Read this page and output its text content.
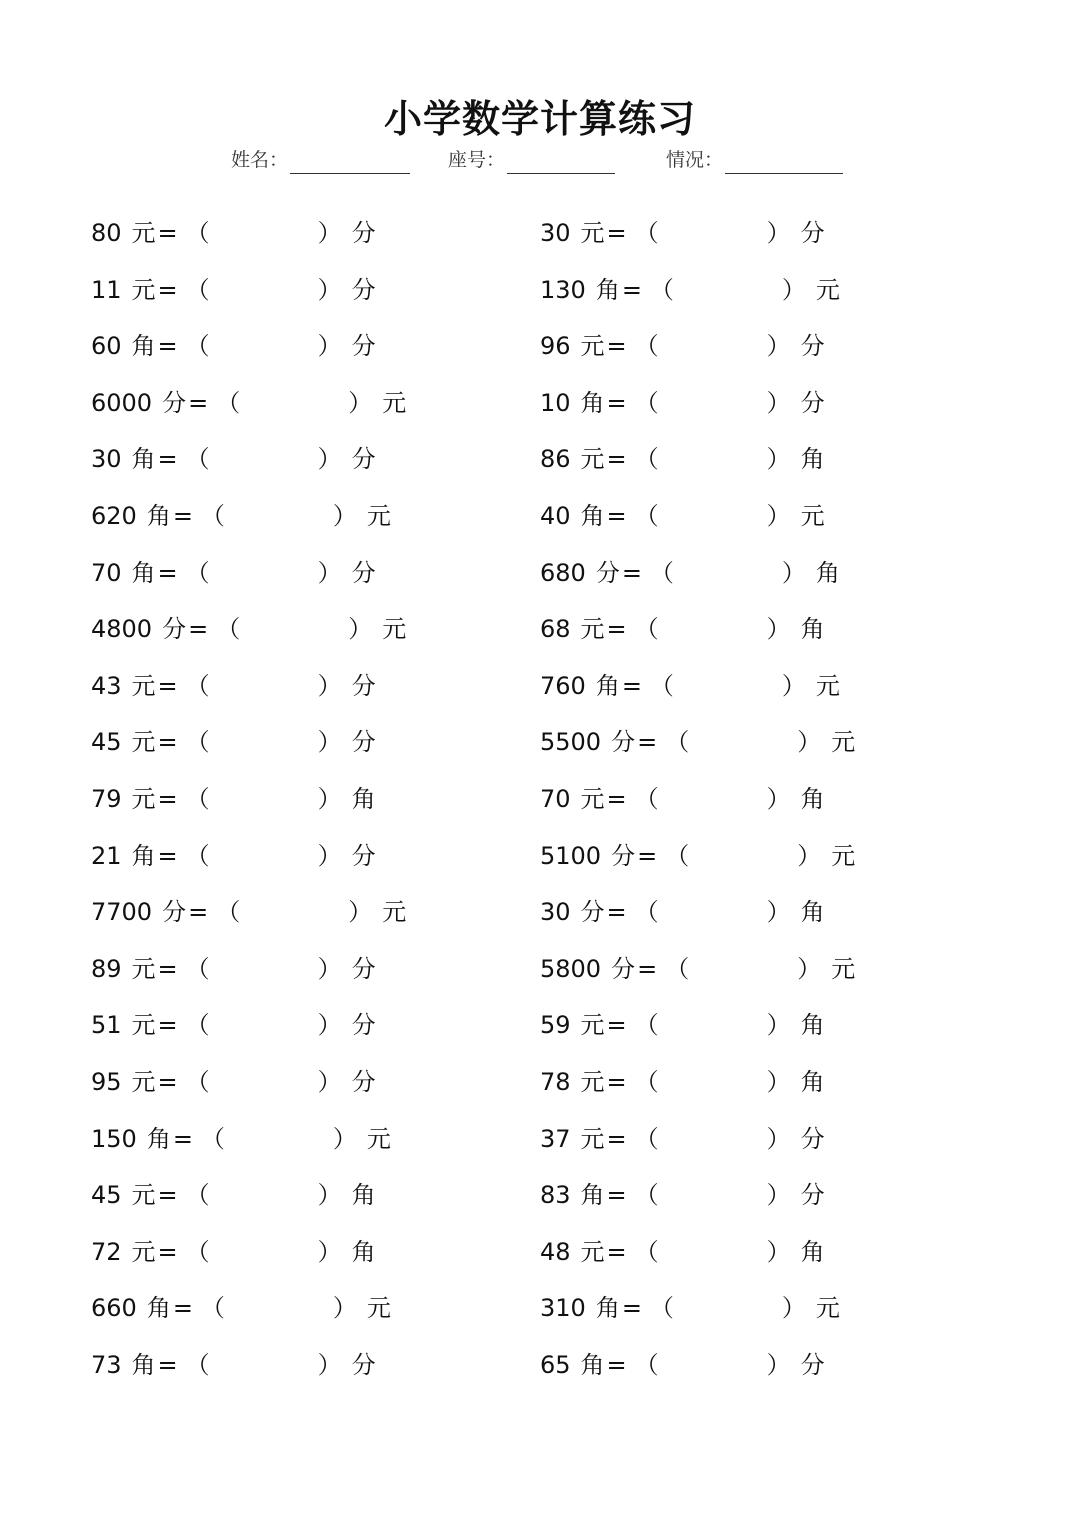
小学数学计算练习
姓名：	座号：	情况：
80 元= （	） 分
11 元= （	） 分
60 角= （	） 分
6000 分= （	） 元
30 角= （	） 分
620 角= （	） 元
70 角= （	） 分
4800 分= （	） 元
43 元= （	） 分
45 元= （	） 分
79 元= （	） 角
21 角= （	） 分
7700 分= （	） 元
89 元= （	） 分
51 元= （	） 分
95 元= （	） 分
150 角= （	） 元
45 元= （	） 角
72 元= （	） 角
660 角= （	） 元
73 角= （	） 分
30 元= （	） 分
130 角= （	） 元
96 元= （	） 分
10 角= （	） 分
86 元= （	） 角
40 角= （	） 元
680 分= （	） 角
68 元= （	） 角
760 角= （	） 元
5500 分= （	） 元
70 元= （	） 角
5100 分= （	） 元
30 分= （	） 角
5800 分= （	） 元
59 元= （	） 角
78 元= （	） 角
37 元= （	） 分
83 角= （	） 分
48 元= （	） 角
310 角= （	） 元
65 角= （	） 分
